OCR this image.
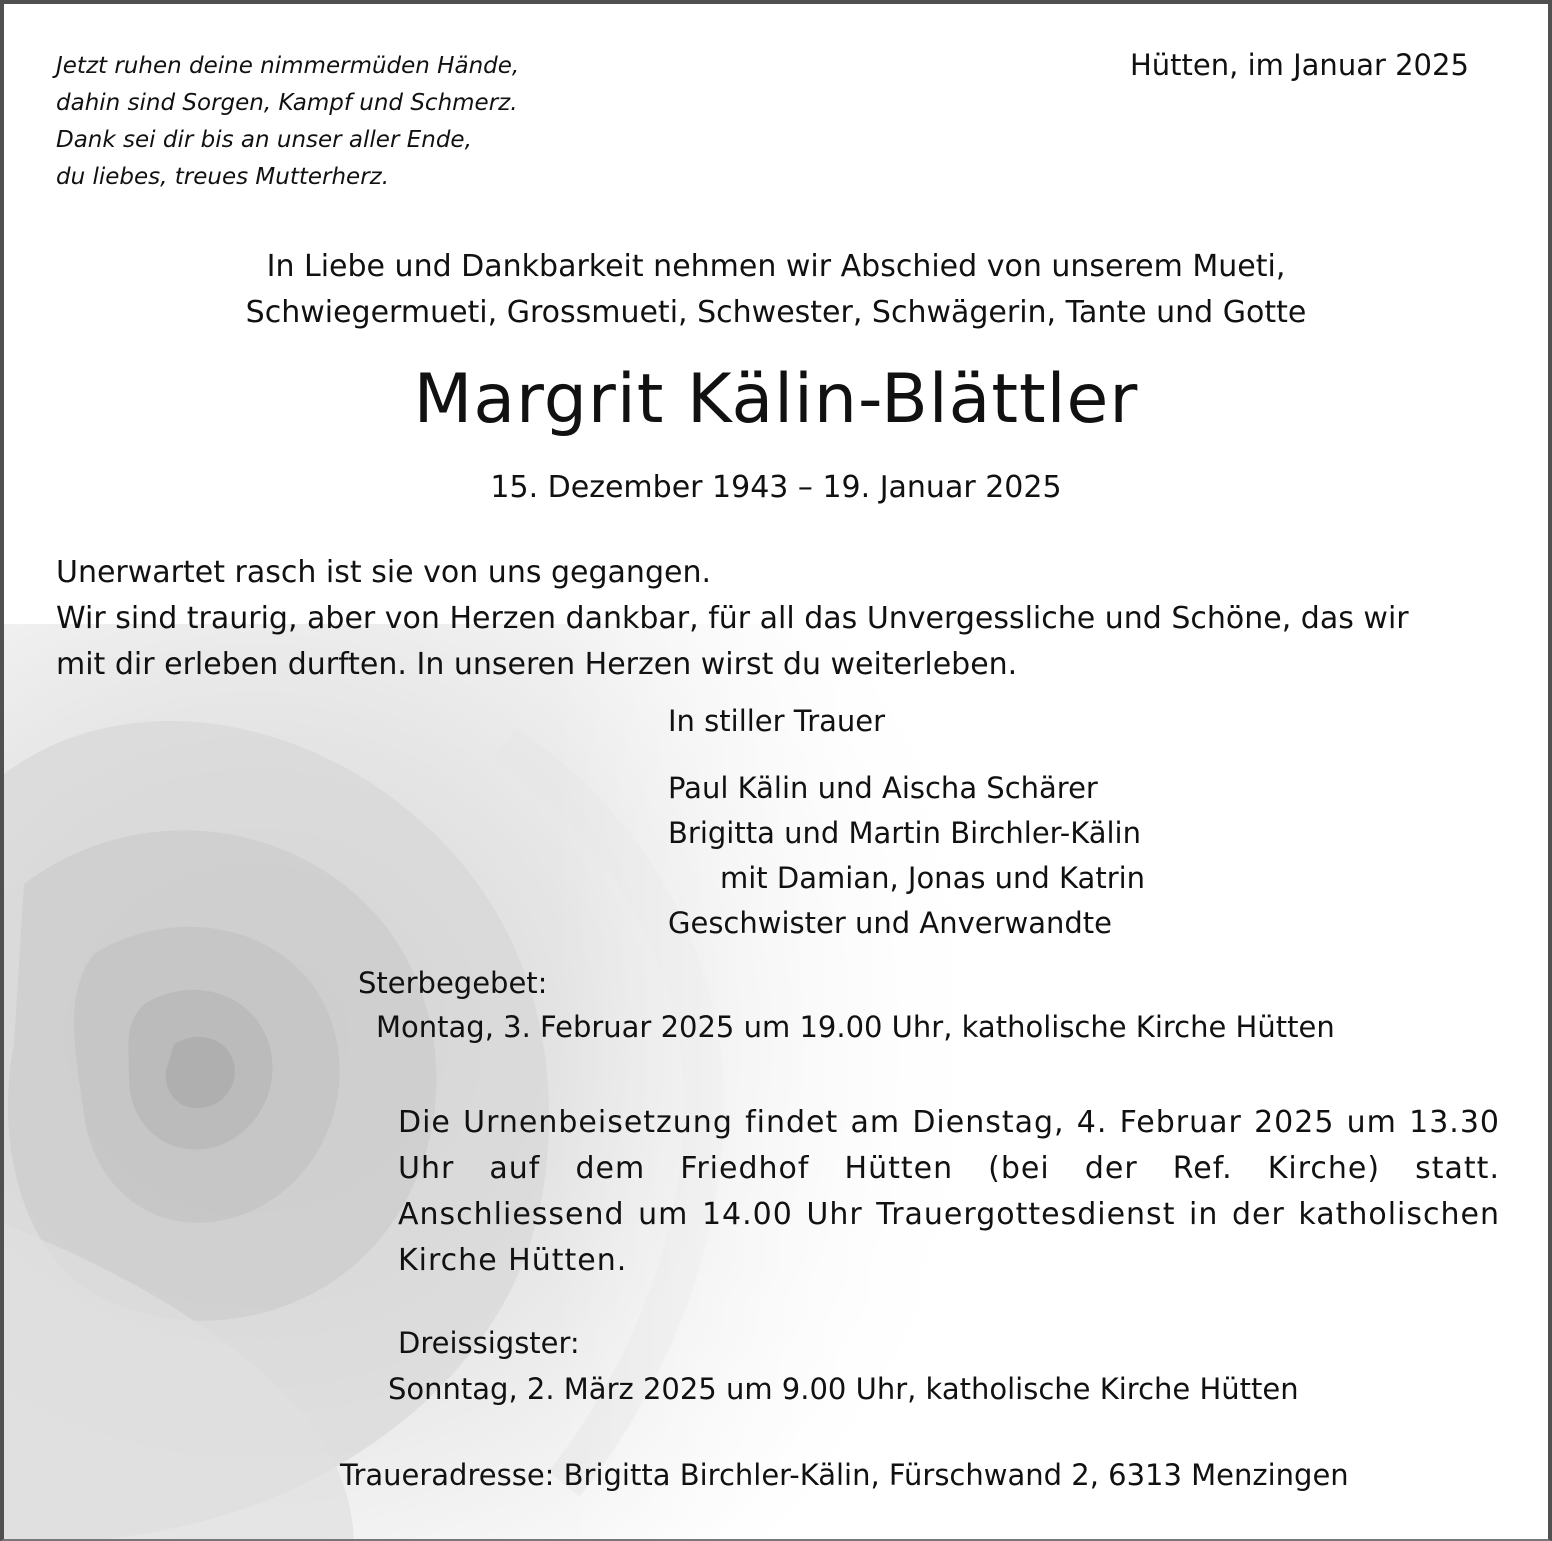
Jetzt ruhen deine nimmermüden Hände,
dahin sind Sorgen, Kampf und Schmerz.
Dank sei dir bis an unser aller Ende,
du liebes, treues Mutterherz.
Hütten, im Januar 2025
In Liebe und Dankbarkeit nehmen wir Abschied von unserem Mueti,
Schwiegermueti, Grossmueti, Schwester, Schwägerin, Tante und Gotte
Margrit Kälin-Blättler
15. Dezember 1943 – 19. Januar 2025
Unerwartet rasch ist sie von uns gegangen.
Wir sind traurig, aber von Herzen dankbar, für all das Unvergessliche und Schöne, das wir
mit dir erleben durften. In unseren Herzen wirst du weiterleben.
In stiller Trauer
Paul Kälin und Aischa Schärer
Brigitta und Martin Birchler-Kälin
mit Damian, Jonas und Katrin
Geschwister und Anverwandte
Sterbegebet:
Montag, 3. Februar 2025 um 19.00 Uhr, katholische Kirche Hütten
Die Urnenbeisetzung findet am Dienstag, 4. Februar 2025 um 13.30 Uhr auf dem Friedhof Hütten (bei der Ref. Kirche) statt. Anschliessend um 14.00 Uhr Trauergottesdienst in der katholischen Kirche Hütten.
Dreissigster:
Sonntag, 2. März 2025 um 9.00 Uhr, katholische Kirche Hütten
Traueradresse: Brigitta Birchler-Kälin, Fürschwand 2, 6313 Menzingen
